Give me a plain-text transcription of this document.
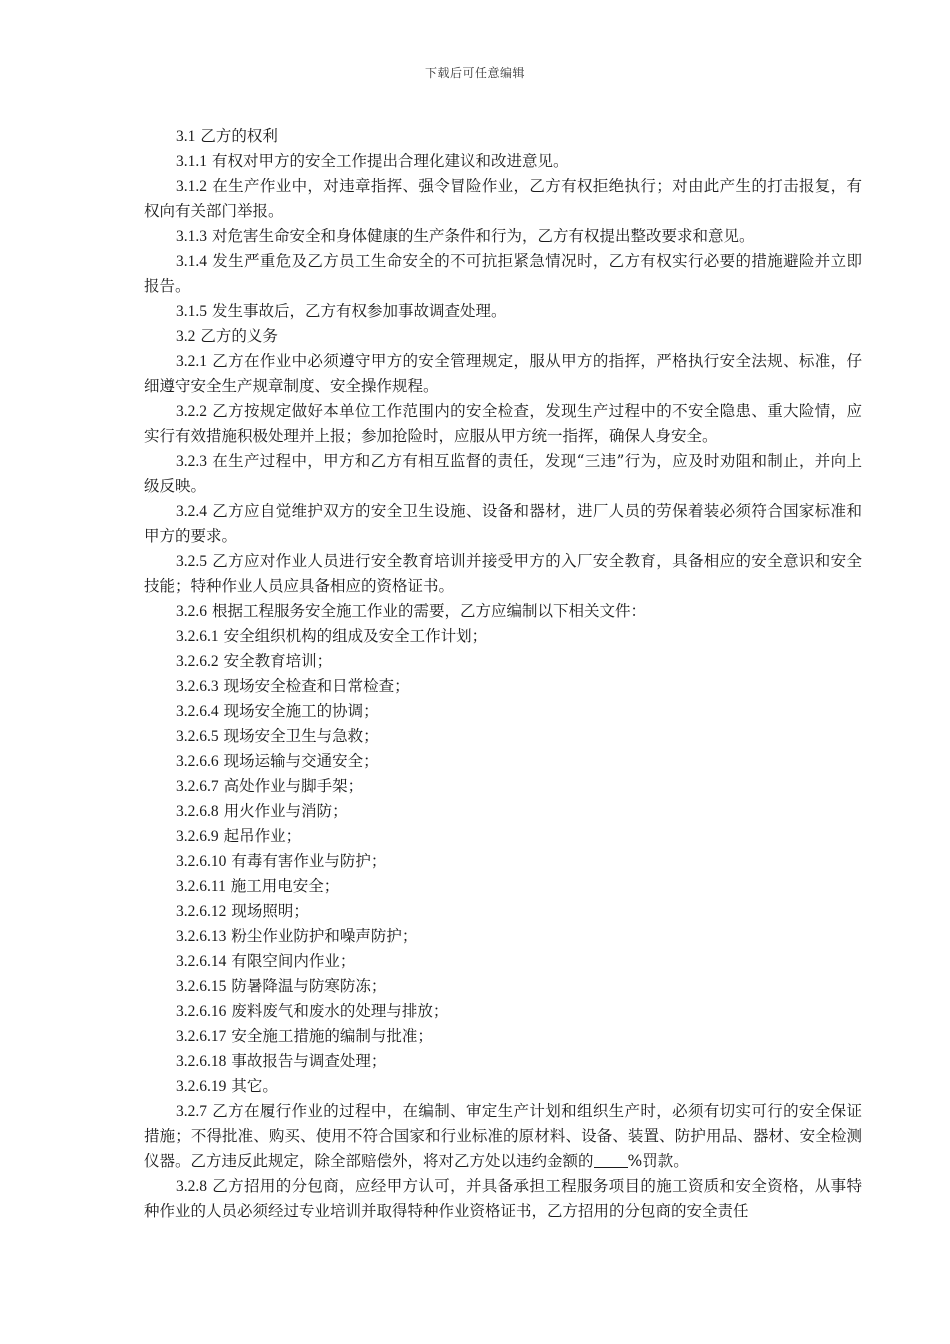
下载后可任意编辑

3.1 乙方的权利

3.1.1 有权对甲方的安全工作提出合理化建议和改进意见。

3.1.2 在生产作业中，对违章指挥、强令冒险作业，乙方有权拒绝执行；对由此产生的打击报复，有权向有关部门举报。

3.1.3 对危害生命安全和身体健康的生产条件和行为，乙方有权提出整改要求和意见。

3.1.4 发生严重危及乙方员工生命安全的不可抗拒紧急情况时，乙方有权实行必要的措施避险并立即报告。

3.1.5 发生事故后，乙方有权参加事故调查处理。

3.2 乙方的义务

3.2.1 乙方在作业中必须遵守甲方的安全管理规定，服从甲方的指挥，严格执行安全法规、标准，仔细遵守安全生产规章制度、安全操作规程。

3.2.2 乙方按规定做好本单位工作范围内的安全检查，发现生产过程中的不安全隐患、重大险情，应实行有效措施积极处理并上报；参加抢险时，应服从甲方统一指挥，确保人身安全。

3.2.3 在生产过程中，甲方和乙方有相互监督的责任，发现“三违”行为，应及时劝阻和制止，并向上级反映。

3.2.4 乙方应自觉维护双方的安全卫生设施、设备和器材，进厂人员的劳保着装必须符合国家标准和甲方的要求。

3.2.5 乙方应对作业人员进行安全教育培训并接受甲方的入厂安全教育，具备相应的安全意识和安全技能；特种作业人员应具备相应的资格证书。

3.2.6 根据工程服务安全施工作业的需要，乙方应编制以下相关文件：

3.2.6.1 安全组织机构的组成及安全工作计划；

3.2.6.2 安全教育培训；

3.2.6.3 现场安全检查和日常检查；

3.2.6.4 现场安全施工的协调；

3.2.6.5 现场安全卫生与急救；

3.2.6.6 现场运输与交通安全；

3.2.6.7 高处作业与脚手架；

3.2.6.8 用火作业与消防；

3.2.6.9 起吊作业；

3.2.6.10 有毒有害作业与防护；

3.2.6.11 施工用电安全；

3.2.6.12 现场照明；

3.2.6.13 粉尘作业防护和噪声防护；

3.2.6.14 有限空间内作业；

3.2.6.15 防暑降温与防寒防冻；

3.2.6.16 废料废气和废水的处理与排放；

3.2.6.17 安全施工措施的编制与批准；

3.2.6.18 事故报告与调查处理；

3.2.6.19 其它。

3.2.7 乙方在履行作业的过程中，在编制、审定生产计划和组织生产时，必须有切实可行的安全保证措施；不得批准、购买、使用不符合国家和行业标准的原材料、设备、装置、防护用品、器材、安全检测仪器。乙方违反此规定，除全部赔偿外，将对乙方处以违约金额的 %罚款。

3.2.8 乙方招用的分包商，应经甲方认可，并具备承担工程服务项目的施工资质和安全资格，从事特种作业的人员必须经过专业培训并取得特种作业资格证书，乙方招用的分包商的安全责任
